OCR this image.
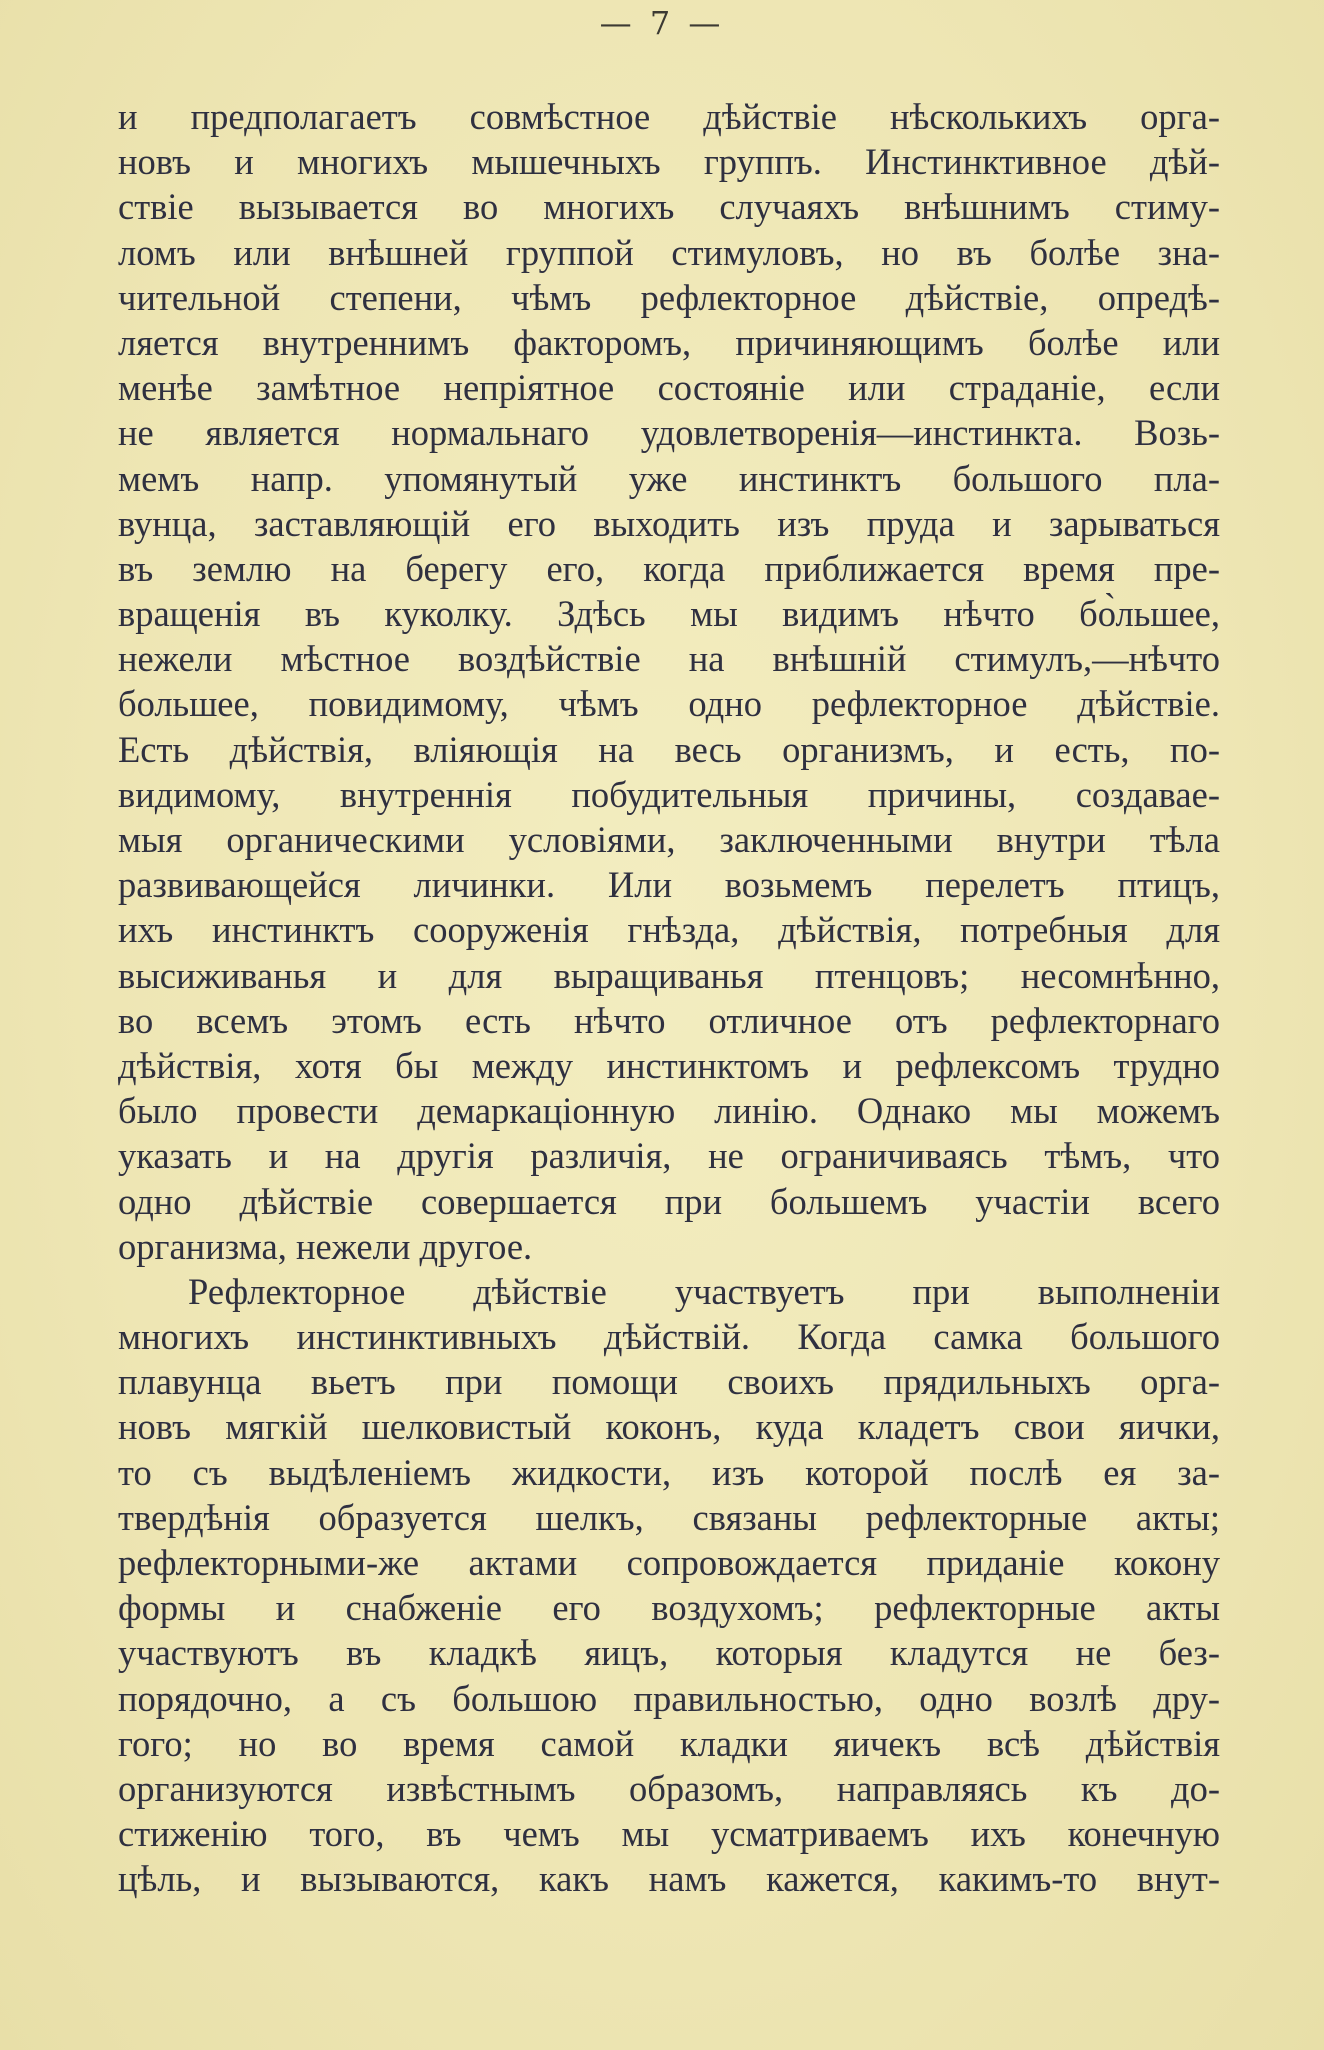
— 7 —
и предполагаетъ совмѣстное дѣйствіе нѣсколькихъ орга-
новъ и многихъ мышечныхъ группъ. Инстинктивное дѣй-
ствіе вызывается во многихъ случаяхъ внѣшнимъ стиму-
ломъ или внѣшней группой стимуловъ, но въ болѣе зна-
чительной степени, чѣмъ рефлекторное дѣйствіе, опредѣ-
ляется внутреннимъ факторомъ, причиняющимъ болѣе или
менѣе замѣтное непріятное состояніе или страданіе, если
не является нормальнаго удовлетворенія—инстинкта. Возь-
мемъ напр. упомянутый уже инстинктъ большого пла-
вунца, заставляющій его выходить изъ пруда и зарываться
въ землю на берегу его, когда приближается время пре-
вращенія въ куколку. Здѣсь мы видимъ нѣчто бо̀льшее,
нежели мѣстное воздѣйствіе на внѣшній стимулъ,—нѣчто
большее, повидимому, чѣмъ одно рефлекторное дѣйствіе.
Есть дѣйствія, вліяющія на весь организмъ, и есть, по-
видимому, внутреннія побудительныя причины, создавае-
мыя органическими условіями, заключенными внутри тѣла
развивающейся личинки. Или возьмемъ перелетъ птицъ,
ихъ инстинктъ сооруженія гнѣзда, дѣйствія, потребныя для
высиживанья и для выращиванья птенцовъ; несомнѣнно,
во всемъ этомъ есть нѣчто отличное отъ рефлекторнаго
дѣйствія, хотя бы между инстинктомъ и рефлексомъ трудно
было провести демаркаціонную линію. Однако мы можемъ
указать и на другія различія, не ограничиваясь тѣмъ, что
одно дѣйствіе совершается при большемъ участіи всего
организма, нежели другое.
Рефлекторное дѣйствіе участвуетъ при выполненіи
многихъ инстинктивныхъ дѣйствій. Когда самка большого
плавунца вьетъ при помощи своихъ прядильныхъ орга-
новъ мягкій шелковистый коконъ, куда кладетъ свои яички,
то съ выдѣленіемъ жидкости, изъ которой послѣ ея за-
твердѣнія образуется шелкъ, связаны рефлекторные акты;
рефлекторными-же актами сопровождается приданіе кокону
формы и снабженіе его воздухомъ; рефлекторные акты
участвуютъ въ кладкѣ яицъ, которыя кладутся не без-
порядочно, а съ большою правильностью, одно возлѣ дру-
гого; но во время самой кладки яичекъ всѣ дѣйствія
организуются извѣстнымъ образомъ, направляясь къ до-
стиженію того, въ чемъ мы усматриваемъ ихъ конечную
цѣль, и вызываются, какъ намъ кажется, какимъ-то внут-
